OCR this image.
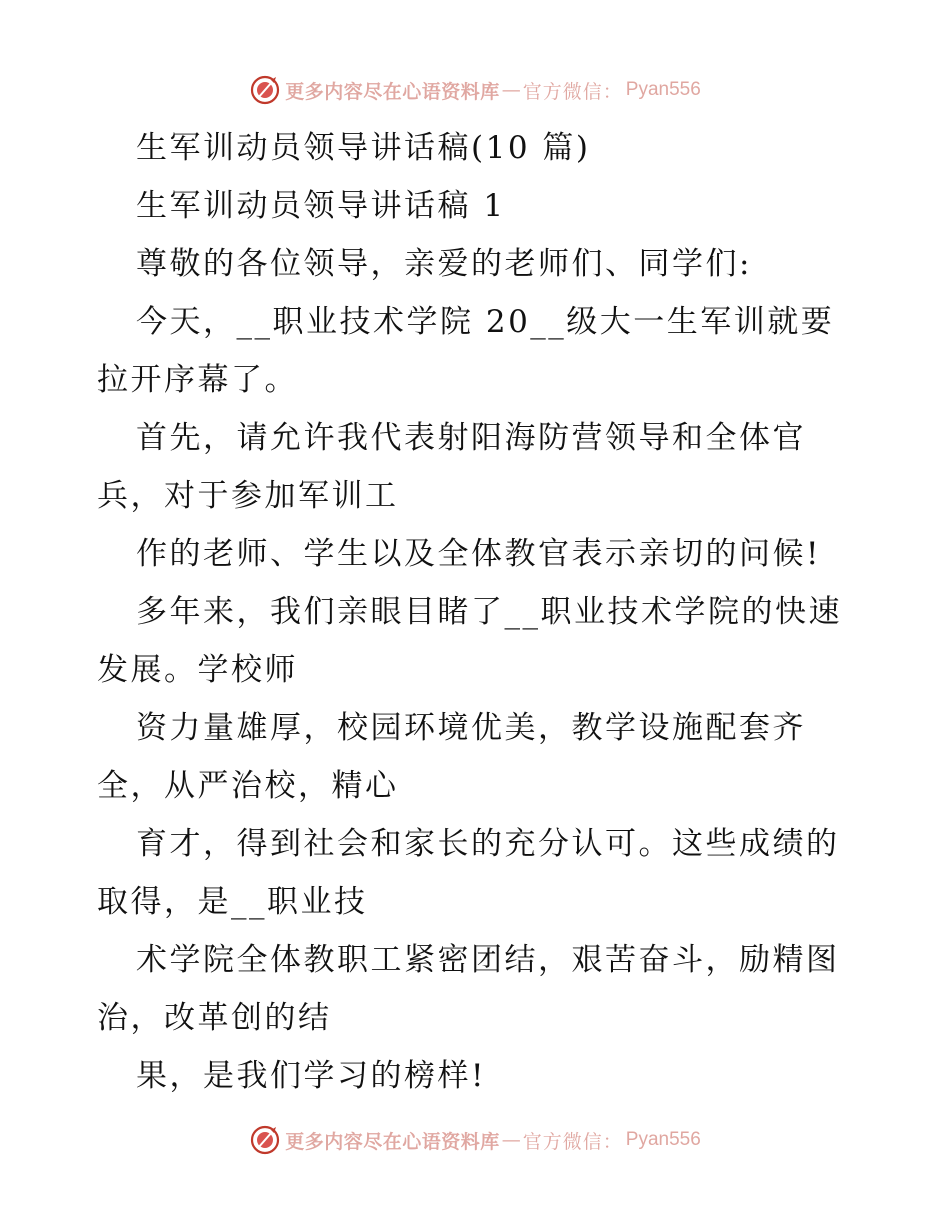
更多内容尽在心语资料库 — 官方微信 ： Pyan556
生军训动员领导讲话稿(10 篇)
生军训动员领导讲话稿 1
尊敬的各位领导，亲爱的老师们、同学们:
今天，__职业技术学院 20__级大一生军训就要
拉开序幕了。
首先，请允许我代表射阳海防营领导和全体官
兵，对于参加军训工
作的老师、学生以及全体教官表示亲切的问候!
多年来，我们亲眼目睹了__职业技术学院的快速
发展。学校师
资力量雄厚，校园环境优美，教学设施配套齐
全，从严治校，精心
育才，得到社会和家长的充分认可。这些成绩的
取得，是__职业技
术学院全体教职工紧密团结，艰苦奋斗，励精图
治，改革创的结
果，是我们学习的榜样!
更多内容尽在心语资料库 — 官方微信 ： Pyan556
